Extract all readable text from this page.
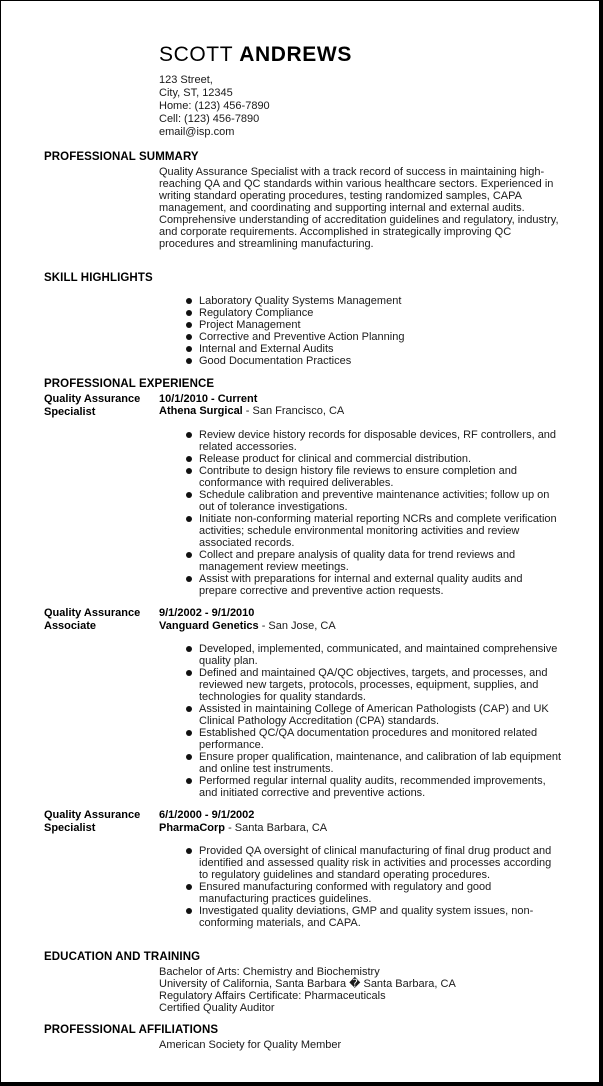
SCOTT ANDREWS
123 Street,
City, ST, 12345
Home: (123) 456-7890
Cell: (123) 456-7890
email@isp.com
PROFESSIONAL SUMMARY

Quality Assurance Specialist with a track record of success in maintaining high-reaching QA and QC standards within various healthcare sectors. Experienced in writing standard operating procedures, testing randomized samples, CAPA management, and coordinating and supporting internal and external audits. Comprehensive understanding of accreditation guidelines and regulatory, industry, and corporate requirements. Accomplished in strategically improving QC procedures and streamlining manufacturing.

SKILL HIGHLIGHTS
Laboratory Quality Systems Management
Regulatory Compliance
Project Management
Corrective and Preventive Action Planning
Internal and External Audits
Good Documentation Practices
PROFESSIONAL EXPERIENCE
Quality Assurance Specialist
10/1/2010 - Current
Athena Surgical - San Francisco, CA
Review device history records for disposable devices, RF controllers, and related accessories.
Release product for clinical and commercial distribution.
Contribute to design history file reviews to ensure completion and conformance with required deliverables.
Schedule calibration and preventive maintenance activities; follow up on out of tolerance investigations.
Initiate non-conforming material reporting NCRs and complete verification activities; schedule environmental monitoring activities and review associated records.
Collect and prepare analysis of quality data for trend reviews and management review meetings.
Assist with preparations for internal and external quality audits and prepare corrective and preventive action requests.
Quality Assurance Associate
9/1/2002 - 9/1/2010
Vanguard Genetics - San Jose, CA
Developed, implemented, communicated, and maintained comprehensive quality plan.
Defined and maintained QA/QC objectives, targets, and processes, and reviewed new targets, protocols, processes, equipment, supplies, and technologies for quality standards.
Assisted in maintaining College of American Pathologists (CAP) and UK Clinical Pathology Accreditation (CPA) standards.
Established QC/QA documentation procedures and monitored related performance.
Ensure proper qualification, maintenance, and calibration of lab equipment and online test instruments.
Performed regular internal quality audits, recommended improvements, and initiated corrective and preventive actions.
Quality Assurance Specialist
6/1/2000 - 9/1/2002
PharmaCorp - Santa Barbara, CA
Provided QA oversight of clinical manufacturing of final drug product and identified and assessed quality risk in activities and processes according to regulatory guidelines and standard operating procedures.
Ensured manufacturing conformed with regulatory and good manufacturing practices guidelines.
Investigated quality deviations, GMP and quality system issues, non-conforming materials, and CAPA.
EDUCATION AND TRAINING
Bachelor of Arts: Chemistry and Biochemistry
University of California, Santa Barbara � Santa Barbara, CA
Regulatory Affairs Certificate: Pharmaceuticals
Certified Quality Auditor
PROFESSIONAL AFFILIATIONS
American Society for Quality Member
